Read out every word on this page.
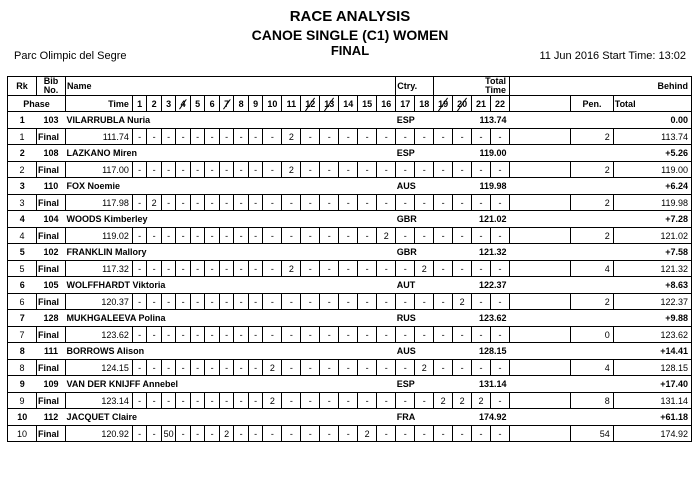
RACE ANALYSIS
CANOE SINGLE (C1) WOMEN
FINAL
Parc Olimpic del Segre	11 Jun 2016 Start Time: 13:02
Rk	Bib
No.	Name																	Ctry.		Total
Time				Behind		
Phase		Time	1	2	3	4	5	6	7	8	9	10	11	12	13	14	15	16	17	18	19	20	21	22		Pen.	Total
1	103	VILARRUBLA Nuria																	ESP		113.74				0.00		
1	Final	111.74	-	-	-	-	-	-	-	-	-	-	2	-	-	-	-	-	-	-	-	-	-	-		2	113.74
2	108	LAZKANO Miren																	ESP		119.00				+5.26		
2	Final	117.00	-	-	-	-	-	-	-	-	-	-	2	-	-	-	-	-	-	-	-	-	-	-		2	119.00
3	110	FOX Noemie																	AUS		119.98				+6.24		
3	Final	117.98	-	2	-	-	-	-	-	-	-	-	-	-	-	-	-	-	-	-	-	-	-	-		2	119.98
4	104	WOODS Kimberley																	GBR		121.02				+7.28		
4	Final	119.02	-	-	-	-	-	-	-	-	-	-	-	-	-	-	-	2	-	-	-	-	-	-		2	121.02
5	102	FRANKLIN Mallory																	GBR		121.32				+7.58		
5	Final	117.32	-	-	-	-	-	-	-	-	-	-	2	-	-	-	-	-	-	2	-	-	-	-		4	121.32
6	105	WOLFFHARDT Viktoria																	AUT		122.37				+8.63		
6	Final	120.37	-	-	-	-	-	-	-	-	-	-	-	-	-	-	-	-	-	-	-	2	-	-		2	122.37
7	128	MUKHGALEEVA Polina																	RUS		123.62				+9.88		
7	Final	123.62	-	-	-	-	-	-	-	-	-	-	-	-	-	-	-	-	-	-	-	-	-	-		0	123.62
8	111	BORROWS Alison																	AUS		128.15				+14.41		
8	Final	124.15	-	-	-	-	-	-	-	-	-	2	-	-	-	-	-	-	-	2	-	-	-	-		4	128.15
9	109	VAN DER KNIJFF Annebel																	ESP		131.14				+17.40		
9	Final	123.14	-	-	-	-	-	-	-	-	-	2	-	-	-	-	-	-	-	-	2	2	2	-		8	131.14
10	112	JACQUET Claire																	FRA		174.92				+61.18		
10	Final	120.92	-	-	50	-	-	-	2	-	-	-	-	-	-	-	2	-	-	-	-	-	-	-		54	174.92
